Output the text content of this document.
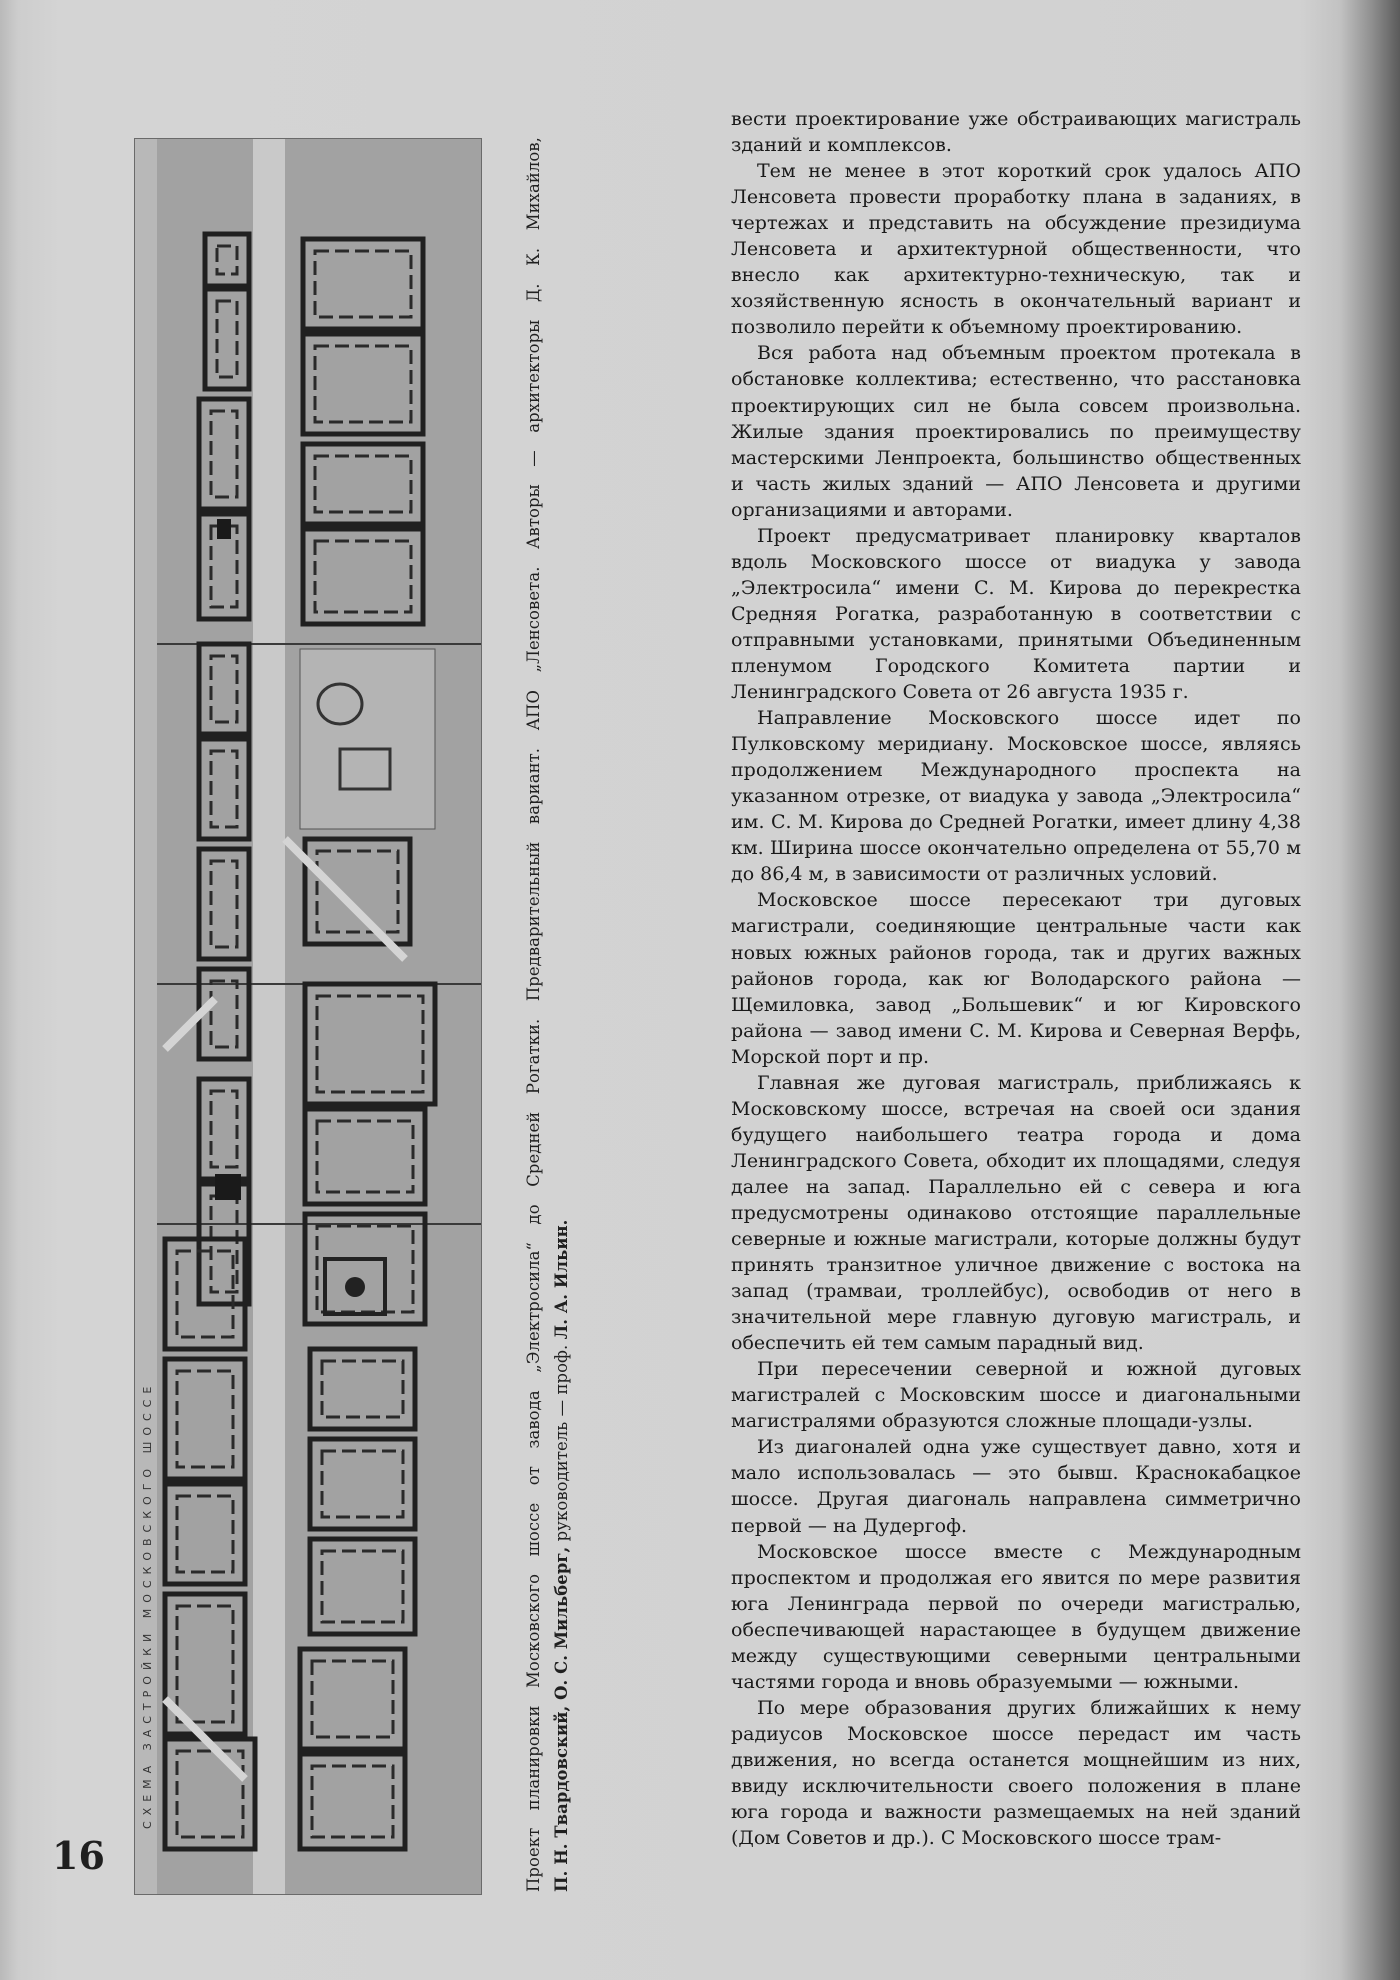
СХЕМА ЗАСТРОЙКИ МОСКОВСКОГО ШОССЕ	Проект планировки Московского шоссе от завода „Электросила“ до Средней Рогатки. Предварительный вариант. АПО „Ленсовета. Авторы — архитекторы Д. К. Михайлов, П. Н. Твардовский, О. С. Мильберг, руководитель — проф. Л. А. Ильин.

вести проектирование уже обстраивающих магистраль зданий и комплексов.

Тем не менее в этот короткий срок удалось АПО Ленсовета провести проработку плана в заданиях, в чертежах и представить на обсуждение президиума Ленсовета и архитектурной общественности, что внесло как архитектурно-техническую, так и хозяйственную ясность в окончательный вариант и позволило перейти к объемному проектированию.

Вся работа над объемным проектом протекала в обстановке коллектива; естественно, что расстановка проектирующих сил не была совсем произвольна. Жилые здания проектировались по преимуществу мастерскими Ленпроекта, большинство общественных и часть жилых зданий — АПО Ленсовета и другими организациями и авторами.

Проект предусматривает планировку кварталов вдоль Московского шоссе от виадука у завода „Электросила“ имени С. М. Кирова до перекрестка Средняя Рогатка, разработанную в соответствии с отправными установками, принятыми Объединенным пленумом Городского Комитета партии и Ленинградского Совета от 26 августа 1935 г.

Направление Московского шоссе идет по Пулковскому меридиану. Московское шоссе, являясь продолжением Международного проспекта на указанном отрезке, от виадука у завода „Электросила“ им. С. М. Кирова до Средней Рогатки, имеет длину 4,38 км. Ширина шоссе окончательно определена от 55,70 м до 86,4 м, в зависимости от различных условий.

Московское шоссе пересекают три дуговых магистрали, соединяющие центральные части как новых южных районов города, так и других важных районов города, как юг Володарского района — Щемиловка, завод „Большевик“ и юг Кировского района — завод имени С. М. Кирова и Северная Верфь, Морской порт и пр.

Главная же дуговая магистраль, приближаясь к Московскому шоссе, встречая на своей оси здания будущего наибольшего театра города и дома Ленинградского Совета, обходит их площадями, следуя далее на запад. Параллельно ей с севера и юга предусмотрены одинаково отстоящие параллельные северные и южные магистрали, которые должны будут принять транзитное уличное движение с востока на запад (трамваи, троллейбус), освободив от него в значительной мере главную дуговую магистраль, и обеспечить ей тем самым парадный вид.

При пересечении северной и южной дуговых магистралей с Московским шоссе и диагональными магистралями образуются сложные площади-узлы.

Из диагоналей одна уже существует давно, хотя и мало использовалась — это бывш. Краснокабацкое шоссе. Другая диагональ направлена симметрично первой — на Дудергоф.

Московское шоссе вместе с Международным проспектом и продолжая его явится по мере развития юга Ленинграда первой по очереди магистралью, обеспечивающей нарастающее в будущем движение между существующими северными центральными частями города и вновь образуемыми — южными.

По мере образования других ближайших к нему радиусов Московское шоссе передаст им часть движения, но всегда останется мощнейшим из них, ввиду исключительности своего положения в плане юга города и важности размещаемых на ней зданий (Дом Советов и др.). С Московского шоссе трам-

16
